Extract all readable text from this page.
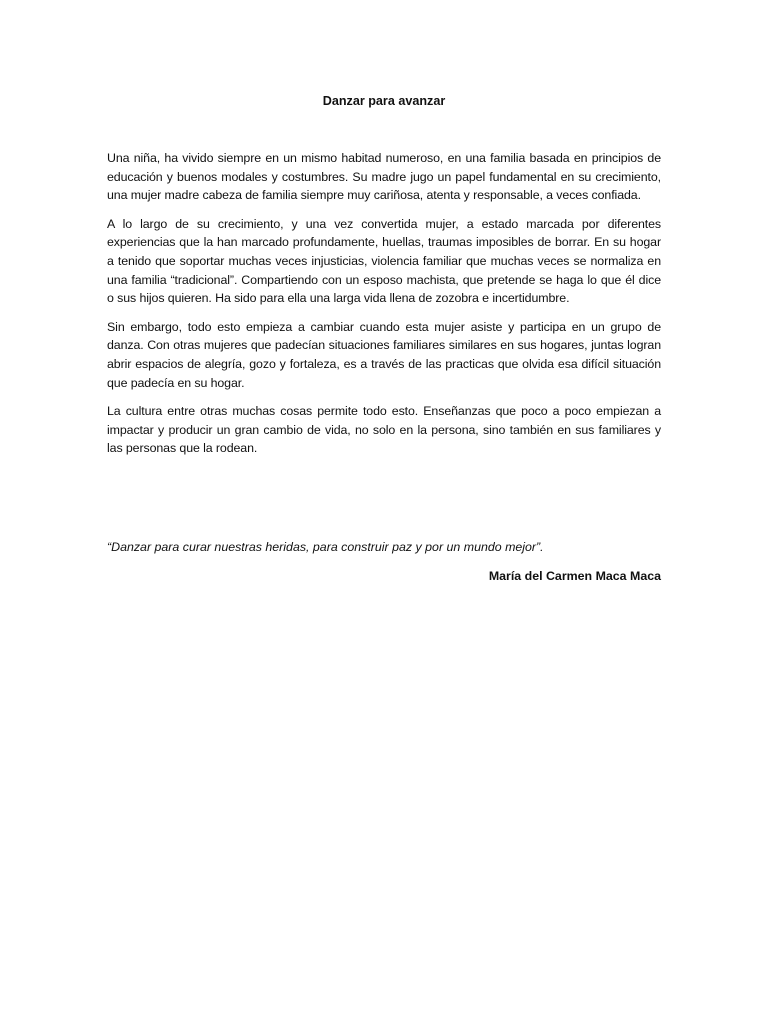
Danzar para avanzar

Una niña, ha vivido siempre en un mismo habitad numeroso, en una familia basada en principios de educación y buenos modales y costumbres. Su madre jugo un papel fundamental en su crecimiento, una mujer madre cabeza de familia siempre muy cariñosa, atenta y responsable, a veces confiada.

A lo largo de su crecimiento, y una vez convertida mujer, a estado marcada por diferentes experiencias que la han marcado profundamente, huellas, traumas imposibles de borrar. En su hogar a tenido que soportar muchas veces injusticias, violencia familiar que muchas veces se normaliza en una familia “tradicional”. Compartiendo con un esposo machista, que pretende se haga lo que él dice o sus hijos quieren. Ha sido para ella una larga vida llena de zozobra e incertidumbre.

Sin embargo, todo esto empieza a cambiar cuando esta mujer asiste y participa en un grupo de danza. Con otras mujeres que padecían situaciones familiares similares en sus hogares, juntas logran abrir espacios de alegría, gozo y fortaleza, es a través de las practicas que olvida esa difícil situación que padecía en su hogar.

La cultura entre otras muchas cosas permite todo esto. Enseñanzas que poco a poco empiezan a impactar y producir un gran cambio de vida, no solo en la persona, sino también en sus familiares y las personas que la rodean.

“Danzar para curar nuestras heridas, para construir paz y por un mundo mejor”.

María del Carmen Maca Maca
